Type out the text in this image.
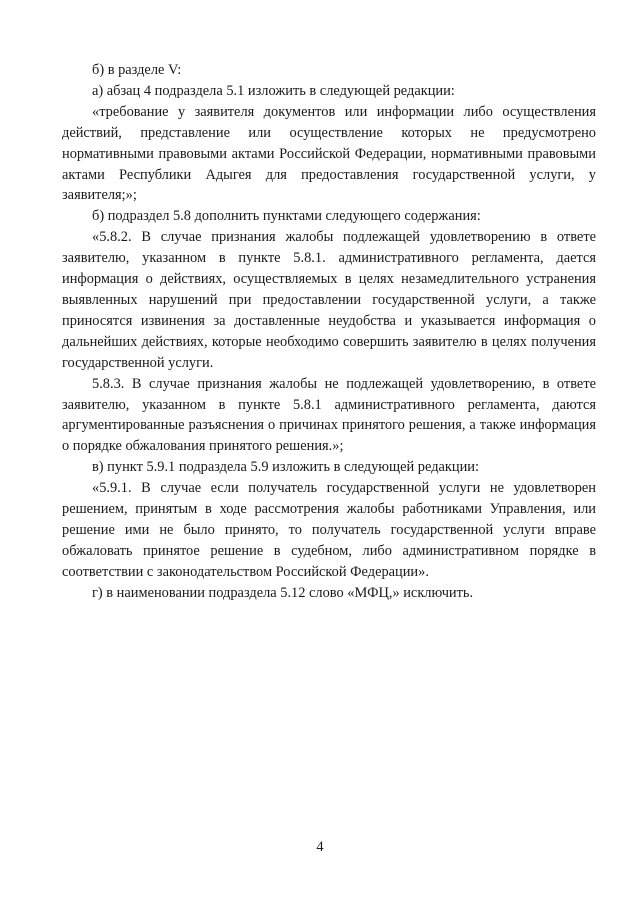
б) в разделе V:

а) абзац 4 подраздела 5.1 изложить в следующей редакции:

«требование у заявителя документов или информации либо осуществления действий, представление или осуществление которых не предусмотрено нормативными правовыми актами Российской Федерации, нормативными правовыми актами Республики Адыгея для предоставления государственной услуги, у заявителя;»;

б) подраздел 5.8 дополнить пунктами следующего содержания:

«5.8.2. В случае признания жалобы подлежащей удовлетворению в ответе заявителю, указанном в пункте 5.8.1. административного регламента, дается информация о действиях, осуществляемых в целях незамедлительного устранения выявленных нарушений при предоставлении государственной услуги, а также приносятся извинения за доставленные неудобства и указывается информация о дальнейших действиях, которые необходимо совершить заявителю в целях получения государственной услуги.

5.8.3. В случае признания жалобы не подлежащей удовлетворению, в ответе заявителю, указанном в пункте 5.8.1 административного регламента, даются аргументированные разъяснения о причинах принятого решения, а также информация о порядке обжалования принятого решения.»;

в) пункт 5.9.1 подраздела 5.9 изложить в следующей редакции:

«5.9.1. В случае если получатель государственной услуги не удовлетворен решением, принятым в ходе рассмотрения жалобы работниками Управления, или решение ими не было принято, то получатель государственной услуги вправе обжаловать принятое решение в судебном, либо административном порядке в соответствии с законодательством Российской Федерации».

г) в наименовании подраздела 5.12 слово «МФЦ,» исключить.

4
